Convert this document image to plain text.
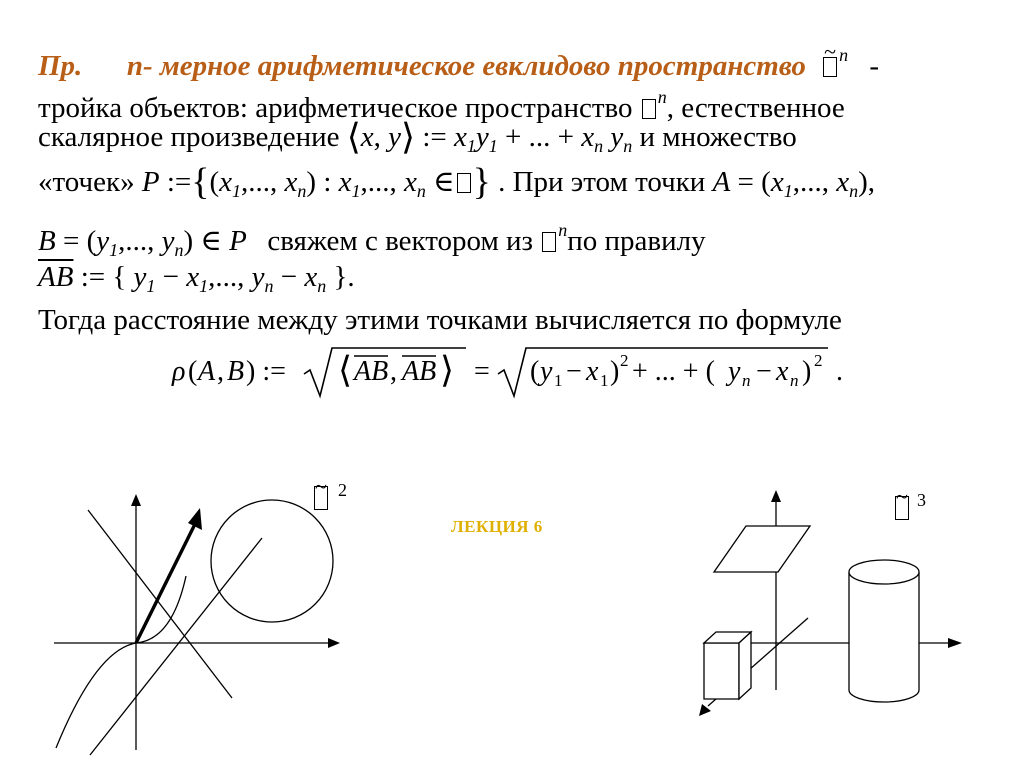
Пр. n- мерное арифметическое евклидово пространство ~ $^n$ -
тройка объектов: арифметическое пространство $^n$, естественное
скалярное произведение ⟨x, y⟩ := $x_1y_1$ + ... + $x_n$ $y_n$ и множество
«точек» P $:=\{(x_1$,..., $x_n$) : $x_1$,..., $x_n$ ∈ } . При этом точки $A = (x_1$,..., $x_n$),
$B = (y_1$,..., $y_n$) ∈ P свяжем с вектором из $^n$по правилу
$\overline{AB}$ := { $y_1 - x_1$,..., $y_n - x_n$ }.
Тогда расстояние между этими точками вычисляется по формуле
ρ ( A , B ) := ⟨ AB , AB ⟩ = ( y 1 − x 1 ) 2 + ... + ( y n − x n ) 2 .
~ 2
ЛЕКЦИЯ 6
~ 3
